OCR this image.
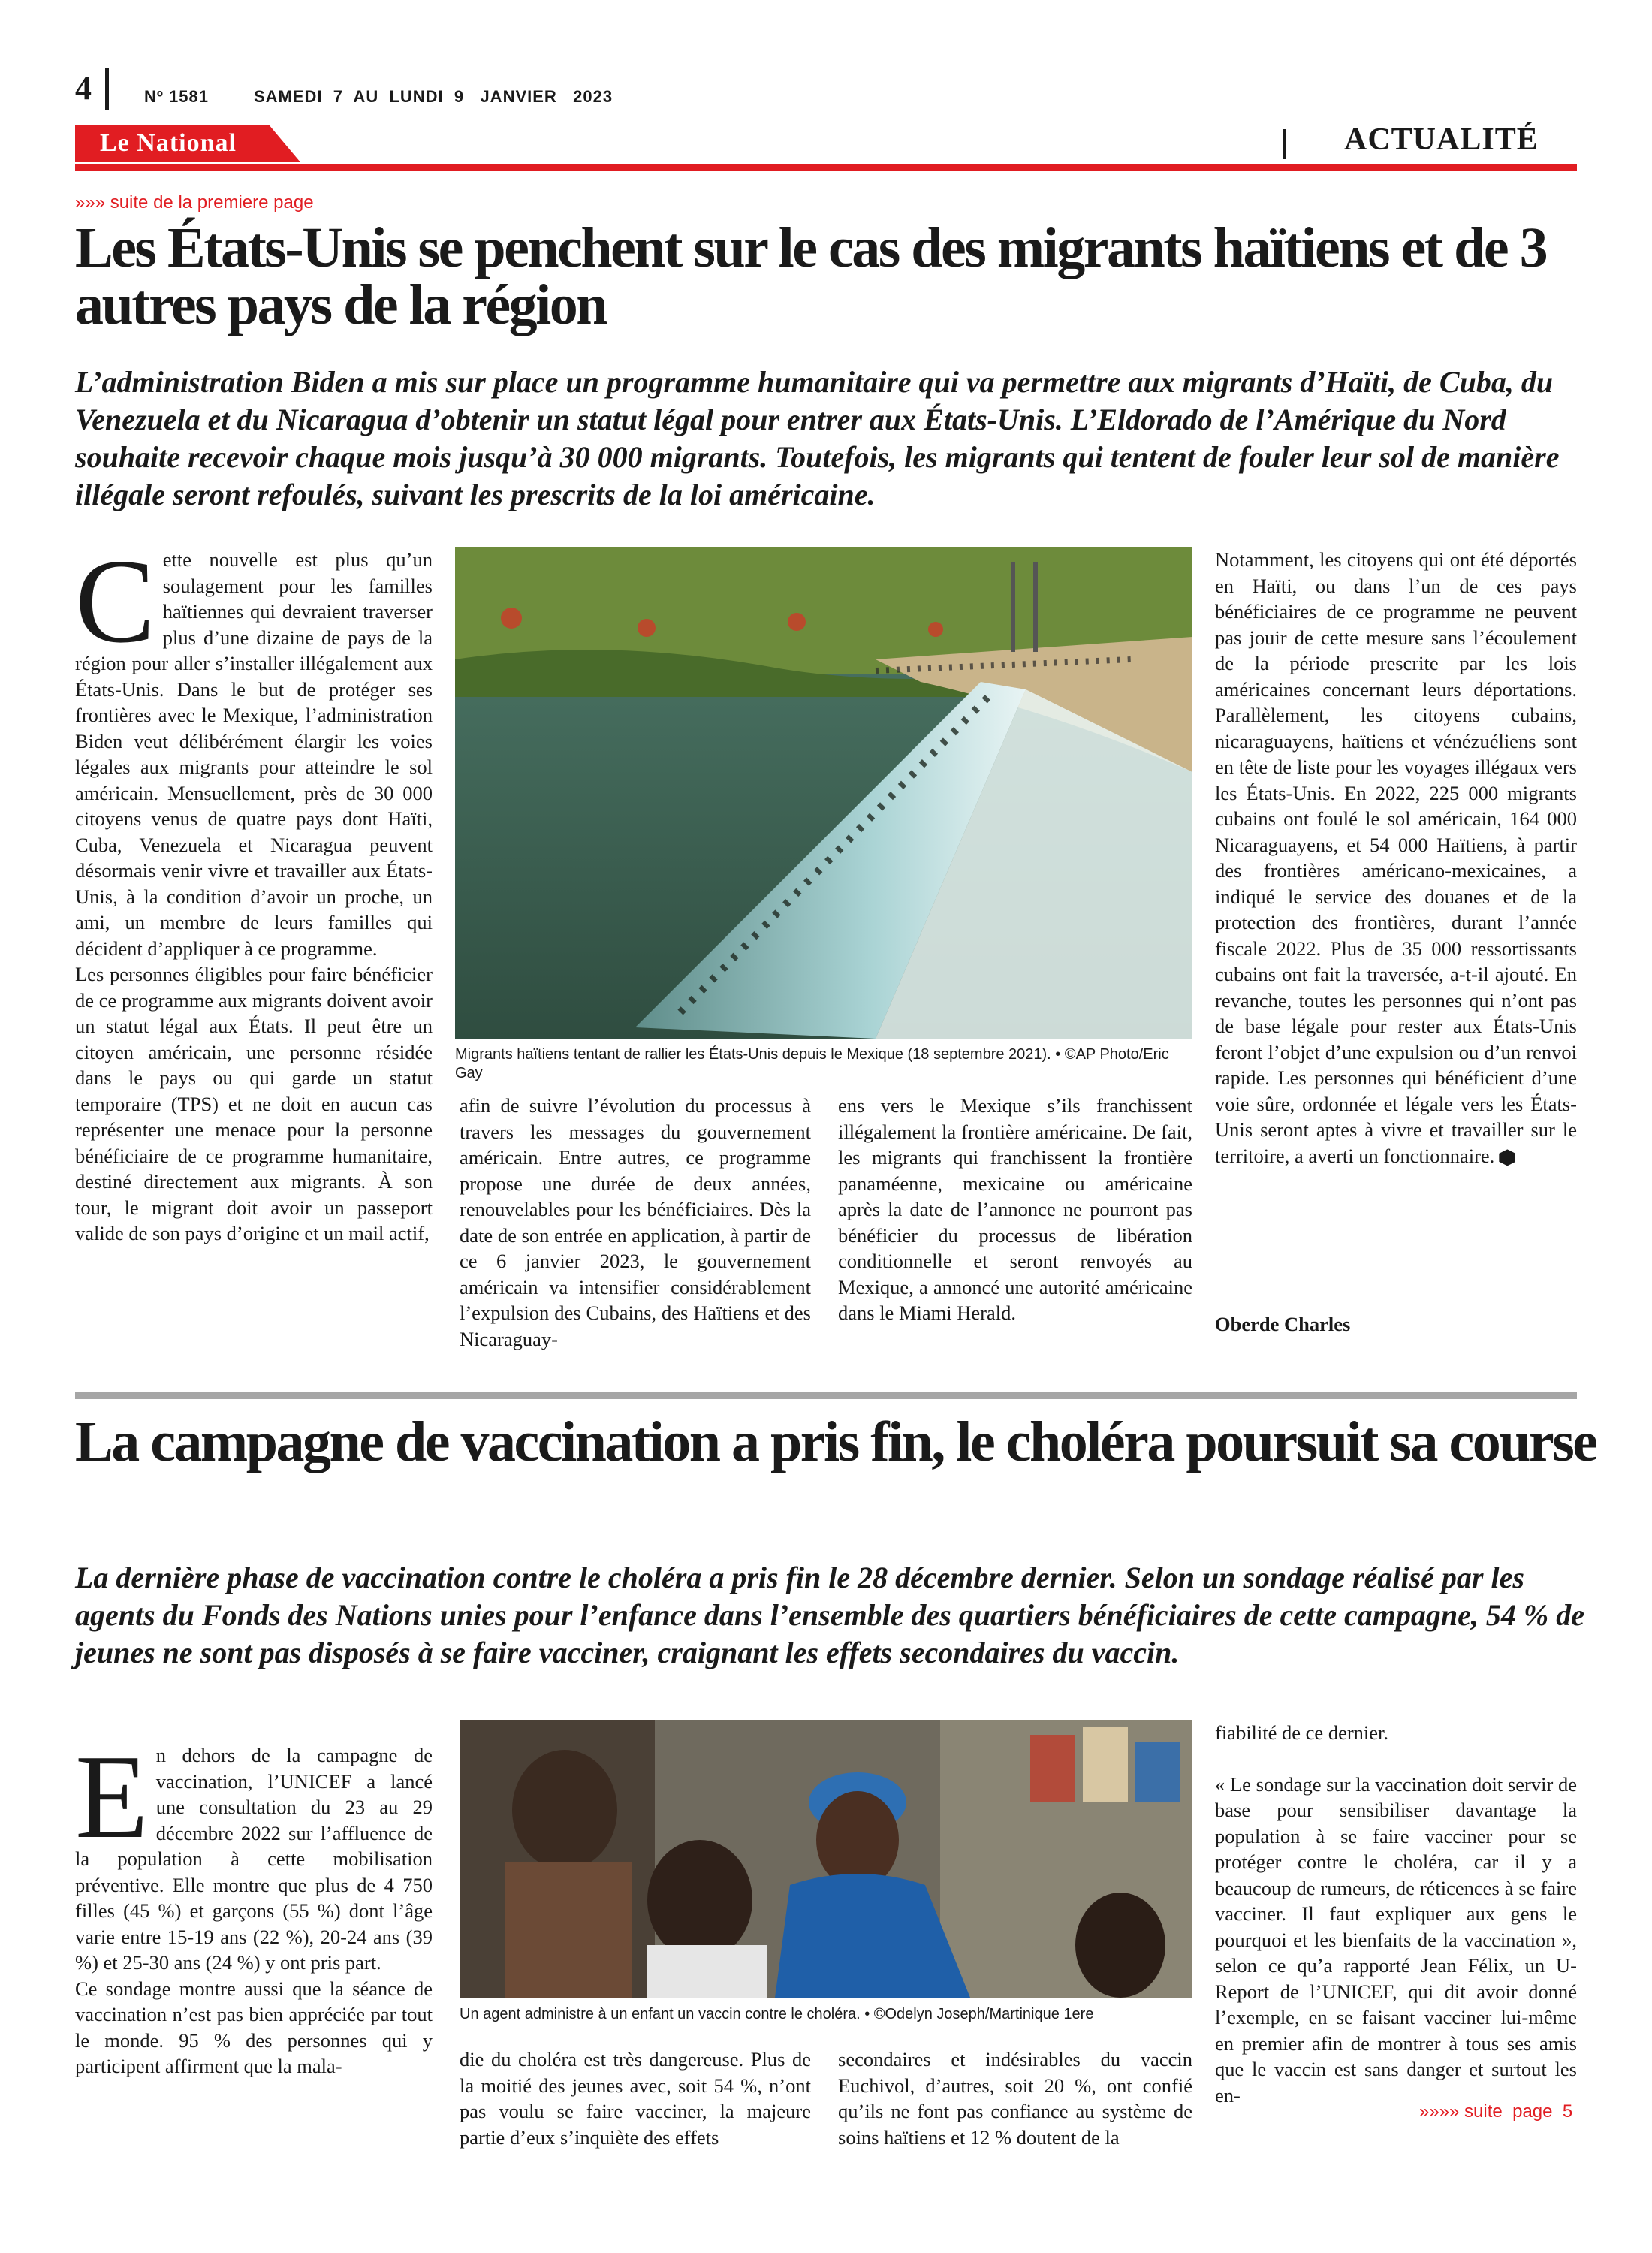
4	Nº 1581	SAMEDI  7  AU  LUNDI  9   JANVIER   2023
Le National	ACTUALITÉ
»»» suite de la premiere page
Les États-Unis se penchent sur le cas des migrants haïtiens et de 3 autres pays de la région

L’administration Biden a mis sur place un programme humanitaire qui va permettre aux migrants d’Haïti, de Cuba, du Venezuela et du Nicaragua d’obtenir un statut légal pour entrer aux États-Unis. L’Eldorado de l’Amérique du Nord souhaite recevoir chaque mois jusqu’à 30 000 migrants. Toutefois, les migrants qui tentent de fouler leur sol de manière illégale seront refoulés, suivant les prescrits de la loi américaine.

C ette nouvelle est plus qu’un soulagement pour les familles haïtiennes qui devraient traverser plus d’une dizaine de pays de la région pour aller s’installer illégalement aux États-Unis. Dans le but de protéger ses frontières avec le Mexique, l’administration Biden veut délibérément élargir les voies légales aux migrants pour atteindre le sol américain. Mensuellement, près de 30 000 citoyens venus de quatre pays dont Haïti, Cuba, Venezuela et Nicaragua peuvent désormais venir vivre et travailler aux États-Unis, à la condition d’avoir un proche, un ami, un membre de leurs familles qui décident d’appliquer à ce programme.

Les personnes éligibles pour faire bénéficier de ce programme aux migrants doivent avoir un statut légal aux États. Il peut être un citoyen américain, une personne résidée dans le pays ou qui garde un statut temporaire (TPS) et ne doit en aucun cas représenter une menace pour la personne bénéficiaire de ce programme humanitaire, destiné directement aux migrants. À son tour, le migrant doit avoir un passeport valide de son pays d’origine et un mail actif,

Migrants haïtiens tentant de rallier les États-Unis depuis le Mexique (18 septembre 2021). • ©AP Photo/Eric Gay

afin de suivre l’évolution du processus à travers les messages du gouvernement américain. Entre autres, ce programme propose une durée de deux années, renouvelables pour les bénéficiaires. Dès la date de son entrée en application, à partir de ce 6 janvier 2023, le gouvernement américain va intensifier considérablement l’expulsion des Cubains, des Haïtiens et des Nicaraguay-

ens vers le Mexique s’ils franchissent illégalement la frontière américaine. De fait, les migrants qui franchissent la frontière panaméenne, mexicaine ou américaine après la date de l’annonce ne pourront pas bénéficier du processus de libération conditionnelle et seront renvoyés au Mexique, a annoncé une autorité américaine dans le Miami Herald.

Notamment, les citoyens qui ont été déportés en Haïti, ou dans l’un de ces pays bénéficiaires de ce programme ne peuvent pas jouir de cette mesure sans l’écoulement de la période prescrite par les lois américaines concernant leurs déportations. Parallèlement, les citoyens cubains, nicaraguayens, haïtiens et vénézuéliens sont en tête de liste pour les voyages illégaux vers les États-Unis. En 2022, 225 000 migrants cubains ont foulé le sol américain, 164 000 Nicaraguayens, et 54 000 Haïtiens, à partir des frontières américano-mexicaines, a indiqué le service des douanes et de la protection des frontières, durant l’année fiscale 2022. Plus de 35 000 ressortissants cubains ont fait la traversée, a-t-il ajouté. En revanche, toutes les personnes qui n’ont pas de base légale pour rester aux États-Unis feront l’objet d’une expulsion ou d’un renvoi rapide. Les personnes qui bénéficient d’une voie sûre, ordonnée et légale vers les États-Unis seront aptes à vivre et travailler sur le territoire, a averti un fonctionnaire.

Oberde Charles
La campagne de vaccination a pris fin, le choléra poursuit sa course

La dernière phase de vaccination contre le choléra a pris fin le 28 décembre dernier. Selon un sondage réalisé par les agents du Fonds des Nations unies pour l’enfance dans l’ensemble des quartiers bénéficiaires de cette campagne, 54 % de jeunes ne sont pas disposés à se faire vacciner, craignant les effets secondaires du vaccin.

E n dehors de la campagne de vaccination, l’UNICEF a lancé une consultation du 23 au 29 décembre 2022 sur l’affluence de la population à cette mobilisation préventive. Elle montre que plus de 4 750 filles (45 %) et garçons (55 %) dont l’âge varie entre 15-19 ans (22 %), 20-24 ans (39 %) et 25-30 ans (24 %) y ont pris part.

Ce sondage montre aussi que la séance de vaccination n’est pas bien appréciée par tout le monde. 95 % des personnes qui y participent affirment que la mala-

Un agent administre à un enfant un vaccin contre le choléra. • ©Odelyn Joseph/Martinique 1ere

die du choléra est très dangereuse. Plus de la moitié des jeunes avec, soit 54 %, n’ont pas voulu se faire vacciner, la majeure partie d’eux s’inquiète des effets

secondaires et indésirables du vaccin Euchivol, d’autres, soit 20 %, ont confié qu’ils ne font pas confiance au système de soins haïtiens et 12 % doutent de la

fiabilité de ce dernier.

« Le sondage sur la vaccination doit servir de base pour sensibiliser davantage la population à se faire vacciner pour se protéger contre le choléra, car il y a beaucoup de rumeurs, de réticences à se faire vacciner. Il faut expliquer aux gens le pourquoi et les bienfaits de la vaccination », selon ce qu’a rapporté Jean Félix, un U-Report de l’UNICEF, qui dit avoir donné l’exemple, en se faisant vacciner lui-même en premier afin de montrer à tous ses amis que le vaccin est sans danger et surtout les en-

»»»» suite  page  5
